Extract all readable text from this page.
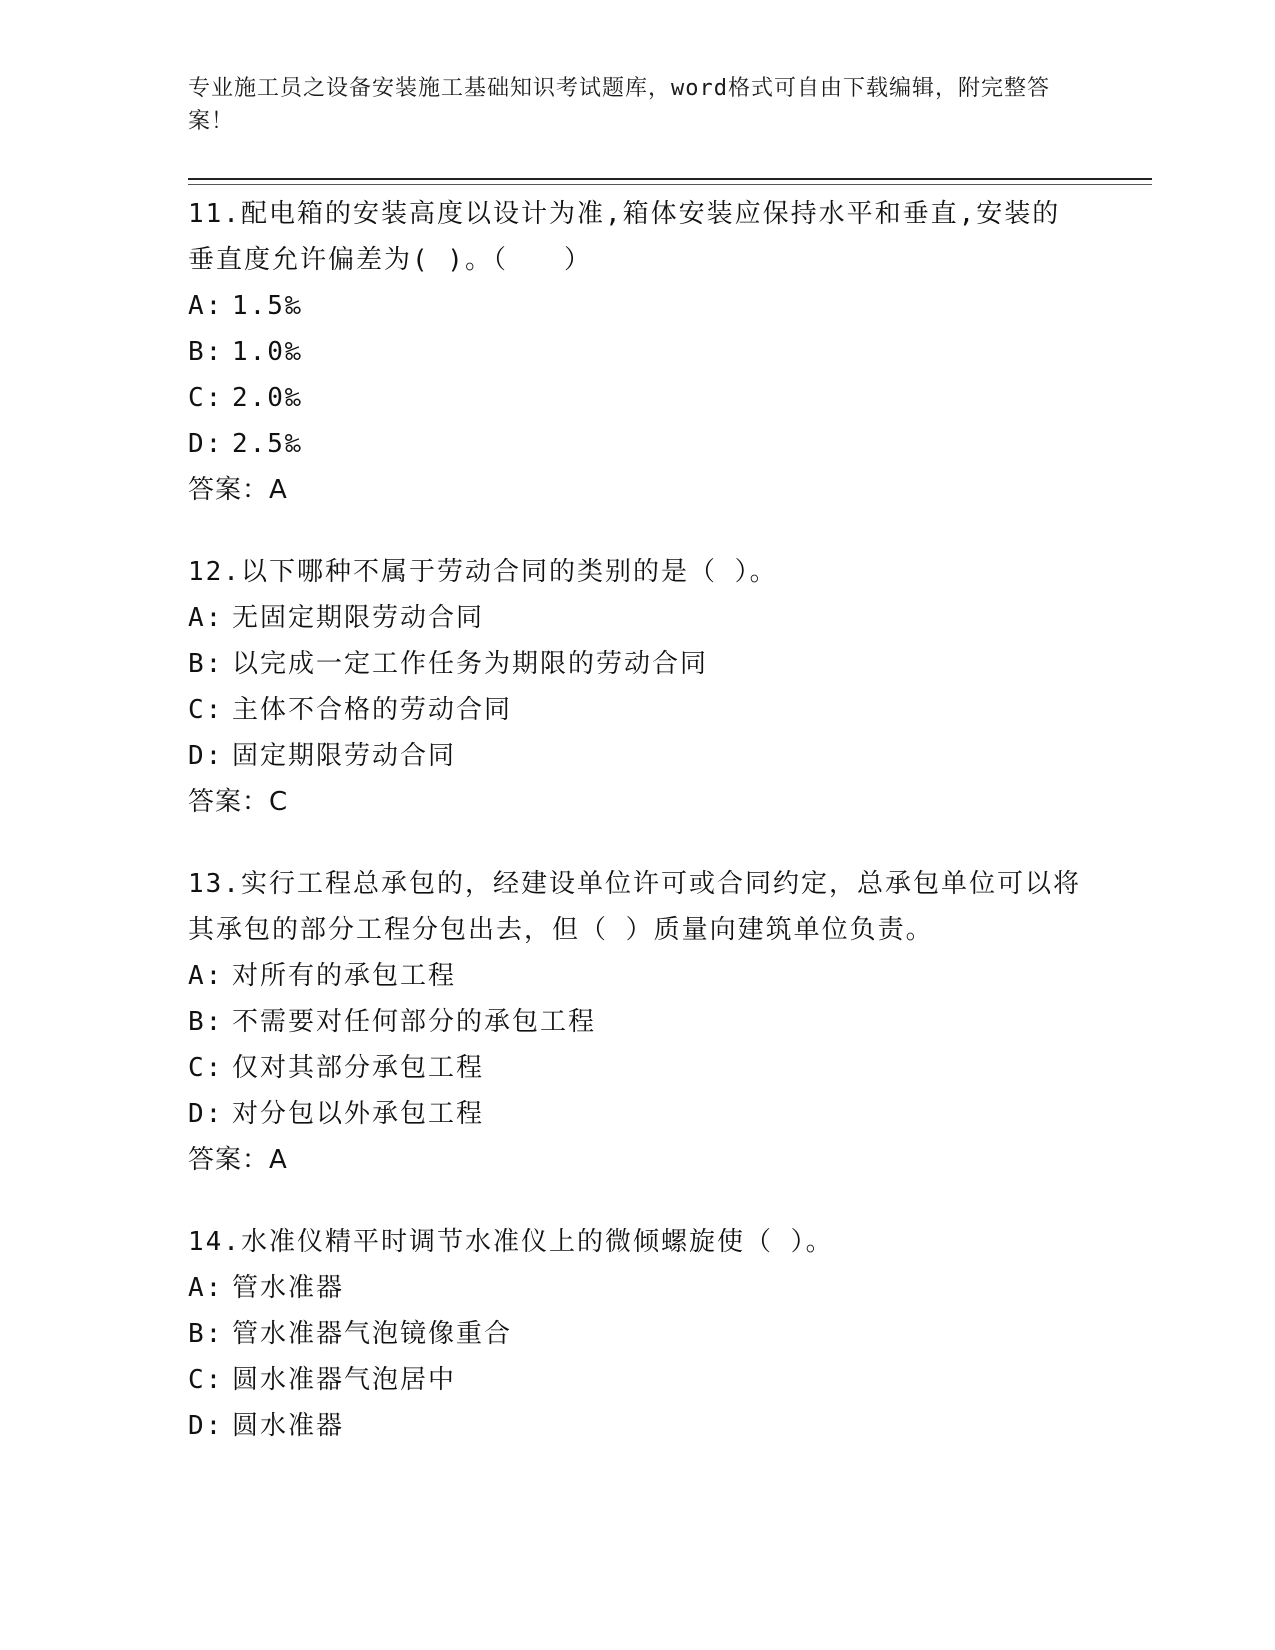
专业施工员之设备安装施工基础知识考试题库，word格式可自由下载编辑，附完整答案！
11.配电箱的安装高度以设计为准,箱体安装应保持水平和垂直,安装的垂直度允许偏差为( )。（　　）
A: 1.5‰
B: 1.0‰
C: 2.0‰
D: 2.5‰
答案：A
12.以下哪种不属于劳动合同的类别的是（ ）。
A: 无固定期限劳动合同
B: 以完成一定工作任务为期限的劳动合同
C: 主体不合格的劳动合同
D: 固定期限劳动合同
答案：C
13.实行工程总承包的，经建设单位许可或合同约定，总承包单位可以将其承包的部分工程分包出去，但（ ）质量向建筑单位负责。
A: 对所有的承包工程
B: 不需要对任何部分的承包工程
C: 仅对其部分承包工程
D: 对分包以外承包工程
答案：A
14.水准仪精平时调节水准仪上的微倾螺旋使（ ）。
A: 管水准器
B: 管水准器气泡镜像重合
C: 圆水准器气泡居中
D: 圆水准器
